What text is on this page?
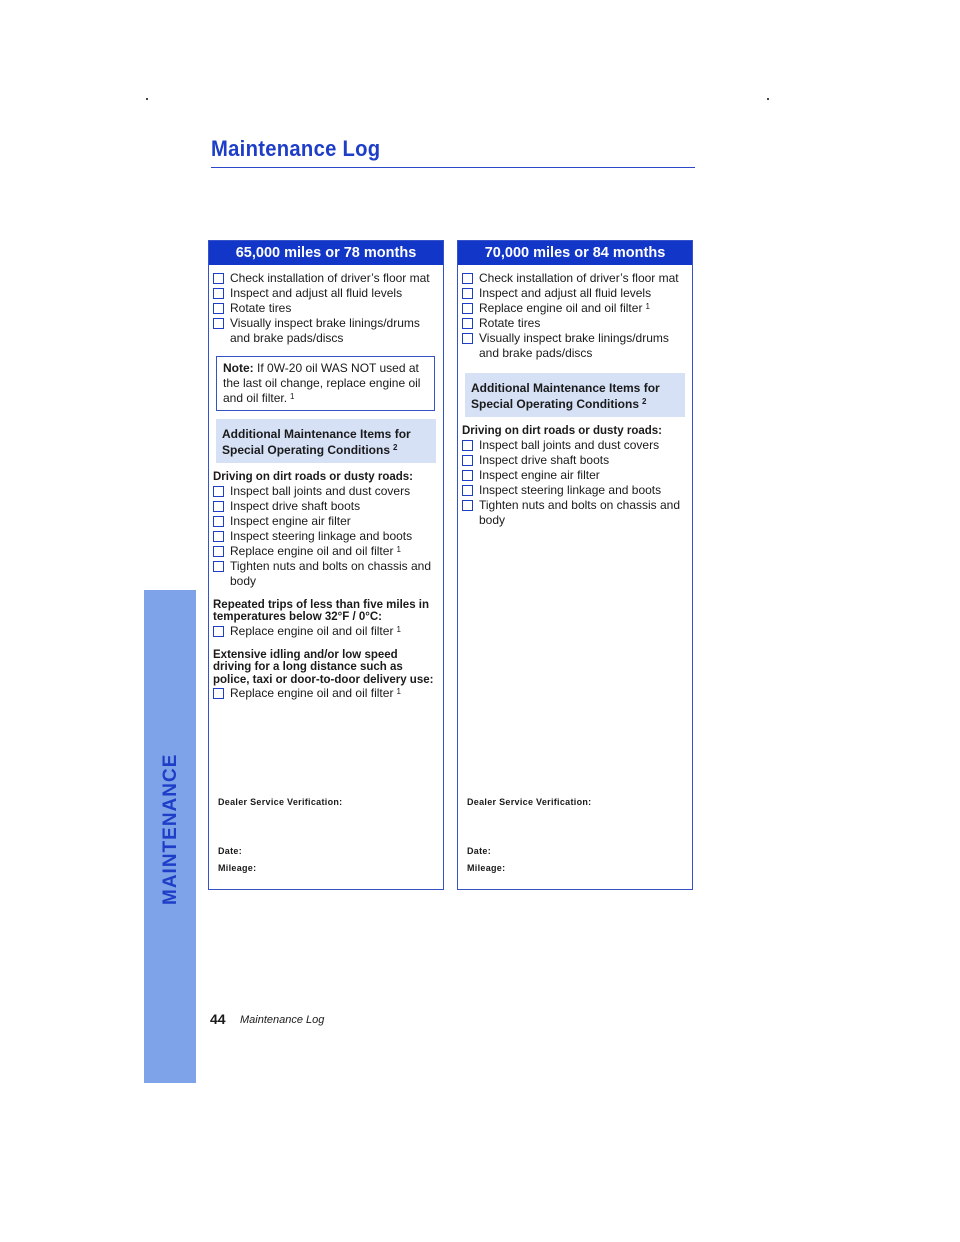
Maintenance Log
MAINTENANCE
65,000 miles or 78 months
Check installation of driver’s floor mat
Inspect and adjust all fluid levels
Rotate tires
Visually inspect brake linings/drums and brake pads/discs
Note: If 0W-20 oil WAS NOT used at the last oil change, replace engine oil and oil filter. $^1$
Additional Maintenance Items for
Special Operating Conditions $^2$
Driving on dirt roads or dusty roads:
Inspect ball joints and dust covers
Inspect drive shaft boots
Inspect engine air filter
Inspect steering linkage and boots
Replace engine oil and oil filter $^1$
Tighten nuts and bolts on chassis and body
Repeated trips of less than five miles in temperatures below 32°F / 0°C:
Replace engine oil and oil filter $^1$
Extensive idling and/or low speed driving for a long distance such as police, taxi or door-to-door delivery use:
Replace engine oil and oil filter $^1$
Dealer Service Verification:
Date:
Mileage:
70,000 miles or 84 months
Check installation of driver’s floor mat
Inspect and adjust all fluid levels
Replace engine oil and oil filter $^1$
Rotate tires
Visually inspect brake linings/drums and brake pads/discs
Additional Maintenance Items for
Special Operating Conditions $^2$
Driving on dirt roads or dusty roads:
Inspect ball joints and dust covers
Inspect drive shaft boots
Inspect engine air filter
Inspect steering linkage and boots
Tighten nuts and bolts on chassis and body
Dealer Service Verification:
Date:
Mileage:
44 Maintenance Log
